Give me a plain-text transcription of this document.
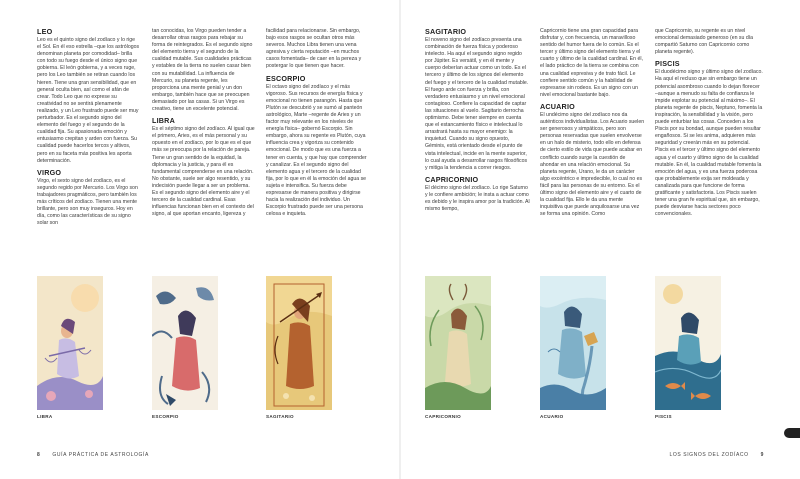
LEO

Leo es el quinto signo del zodíaco y lo rige el Sol. En él eso estrella –que los astrólogos denominan planeta por comodidad– brilla con todo su fuego desde el único signo que gobierna. El león gobierna, y a veces ruge, pero los Leo también se retiran cuando los hieren. Tiene una gran sensibilidad, que en general oculta bien, así como el afán de crear. Todo Leo que no exprese su creatividad no se sentirá plenamente realizado, y un Leo frustrado puede ser muy perturbador. Es el segundo signo del elemento del fuego y el segundo de la cualidad fija. Su apasionada emoción y entusiasmo crepitan y arden con fuerza. Su cualidad puede hacerlos tercos y altivos, pero en su faceta más positiva les aporta determinación.

VIRGO

Virgo, el sexto signo del zodíaco, es el segundo regido por Mercurio. Los Virgo son trabajadores pragmáticos, pero también los más críticos del zodíaco. Tienen una mente brillante, pero son muy inseguros. Hoy en día, como las características de su signo solar son

tan conocidas, los Virgo pueden tender a desarrollar otras rasgos para rebajar su forma de reintegrados. Es el segundo signo del elemento tierra y el segundo de la cualidad mutable. Sus cualidades prácticas y estables de la tierra no suelen casar bien con su mutabilidad. La influencia de Mercurio, su planeta regente, les proporciona una mente genial y un don embargo, también hace que se preocupen demasiado por las casas. Si un Virgo es creativo, tiene un excelente potencial.

LIBRA

Es el séptimo signo del zodíaco. Al igual que el primero, Aries, es el más personal y su opuesto en el zodíaco, por lo que es el que más se preocupa por la relación de pareja. Tiene un gran sentido de la equidad, la diplomacia y la justicia, y para él es fundamental comprenderse en una relación. No obstante, suele ser algo resentido, y su indecisión puede llegar a ser un problema. Es el segundo signo del elemento aire y el tercero de la cualidad cardinal. Esas influencias funcionan bien en el contexto del signo, al que aportan encanto, ligereza y

facilidad para relacionarse. Sin embargo, bajo esos rasgos se ocultan otros más severos. Muchos Libra tienen una vena agresiva y cierta reputación –en muchos casos fomentada– de caer en la pereza y postergar lo que tienen que hacer.

ESCORPIO

El octavo signo del zodíaco y el más vigoroso. Sus recursos de energía física y emocional no tienen parangón. Hasta que Plutón se descubrió y se sumó al panteón astrológico, Marte –regente de Aries y un factor muy relevante en los niveles de energía física– gobernó Escorpio. Sin embargo, ahora su regente es Plutón, cuya influencia crea y vigoriza su contenido emocional. De modo que es una fuerza a tener en cuenta, y que hay que comprender y canalizar. Es el segundo signo del elemento agua y el tercero de la cualidad fija, por lo que en él la emoción del agua se sujeta e intensifica. Su fuerza debe expresarse de manera positiva y dirigirse hacia la realización del individuo. Un Escorpio frustrado puede ser una persona celosa e inquieta.

SAGITARIO

El noveno signo del zodíaco presenta una combinación de fuerza física y poderoso intelecto. Ha aquí el segundo signo regido por Júpiter. Es versátil, y en él mente y cuerpo deberían actuar como un todo. Es el tercero y último de los signos del elemento del fuego y el tercero de la cualidad mutable. El fuego arde con fuerza y brilla, con verdadero entusiasmo y un nivel emocional contagioso. Confiere la capacidad de captar las situaciones al vuelo. Sagitario derrocha optimismo. Debe tener siempre en cuenta que el estancamiento físico e intelectual lo arrastrará hasta su mayor enemigo: la inquietud. Cuando su signo opuesto, Géminis, está orientado desde el punto de vista intelectual, incide en la mente superior, lo cual ayuda a desarrollar rasgos filosóficos y mitiga la tendencia a correr riesgos.

CAPRICORNIO

El décimo signo del zodíaco. Lo rige Saturno y le confiere ambición; le insta a actuar como es debido y le inspira amor por la tradición. Al mismo tiempo,

Capricornio tiene una gran capacidad para disfrutar y, con frecuencia, un maravilloso sentido del humor fuera de lo común. Es el tercer y último signo del elemento tierra y el cuarto y último de la cualidad cardinal. En él, el lado práctico de la tierra se combina con una cualidad expresiva y de trato fácil. Le confiere sentido común y la habilidad de expresarse sin rodeos. Es un signo con un nivel emocional bastante bajo.

ACUARIO

El undécimo signo del zodíaco nos da auténticos individualistas. Los Acuario suelen ser generosos y simpáticos, pero son personas reservadas que suelen envolverse en un halo de misterio, todo ello en defensa de cierto estilo de vida que puede acabar en conflicto cuando surge la cuestión de ahondar en una relación emocional. Su planeta regente, Urano, le da un carácter algo excéntrico e impredecible, lo cual no es fácil para las personas de su entorno. Es el último signo del elemento aire y el cuarto de la cualidad fija. Ello le da una mente inquisitiva que puede anquilosarse una vez se forma una opinión. Como

que Capricornio, su regente es un nivel emocional demasiado generoso (en su día compartió Saturno con Capricornio como planeta regente).

PISCIS

El duodécimo signo y último signo del zodíaco. Ha aquí el recluso que sin embargo tiene un potencial asombroso cuando lo dejan florecer –aunque a menudo su falta de confianza le impide explotar su potencial al máximo–. El planeta regente de piscis, Neptuno, fomenta la inspiración, la sensibilidad y la visión, pero puede enturbiar las cosas. Conceden a los Piscis por su bondad, aunque pueden resultar engañosos. Si se les anima, adquieren más seguridad y creerán más en su potencial. Piscis es el tercer y último signo del elemento agua y el cuarto y último signo de la cualidad mutable. En él, la cualidad mutable fomenta la emoción del agua, y es una fuerza poderosa que probablemente exija ser moldeada y canalizada para que funcione de forma gratificante y satisfactoria. Los Piscis suelen tener una gran fe espiritual que, sin embargo, puede desviarse hacia sectores poco convencionales.

LIBRA	ESCORPIO	SAGITARIO	CAPRICORNIO	ACUARIO	PISCIS
8 GUÍA PRÁCTICA DE ASTROLOGÍA	LOS SIGNOS DEL ZODÍACO 9
